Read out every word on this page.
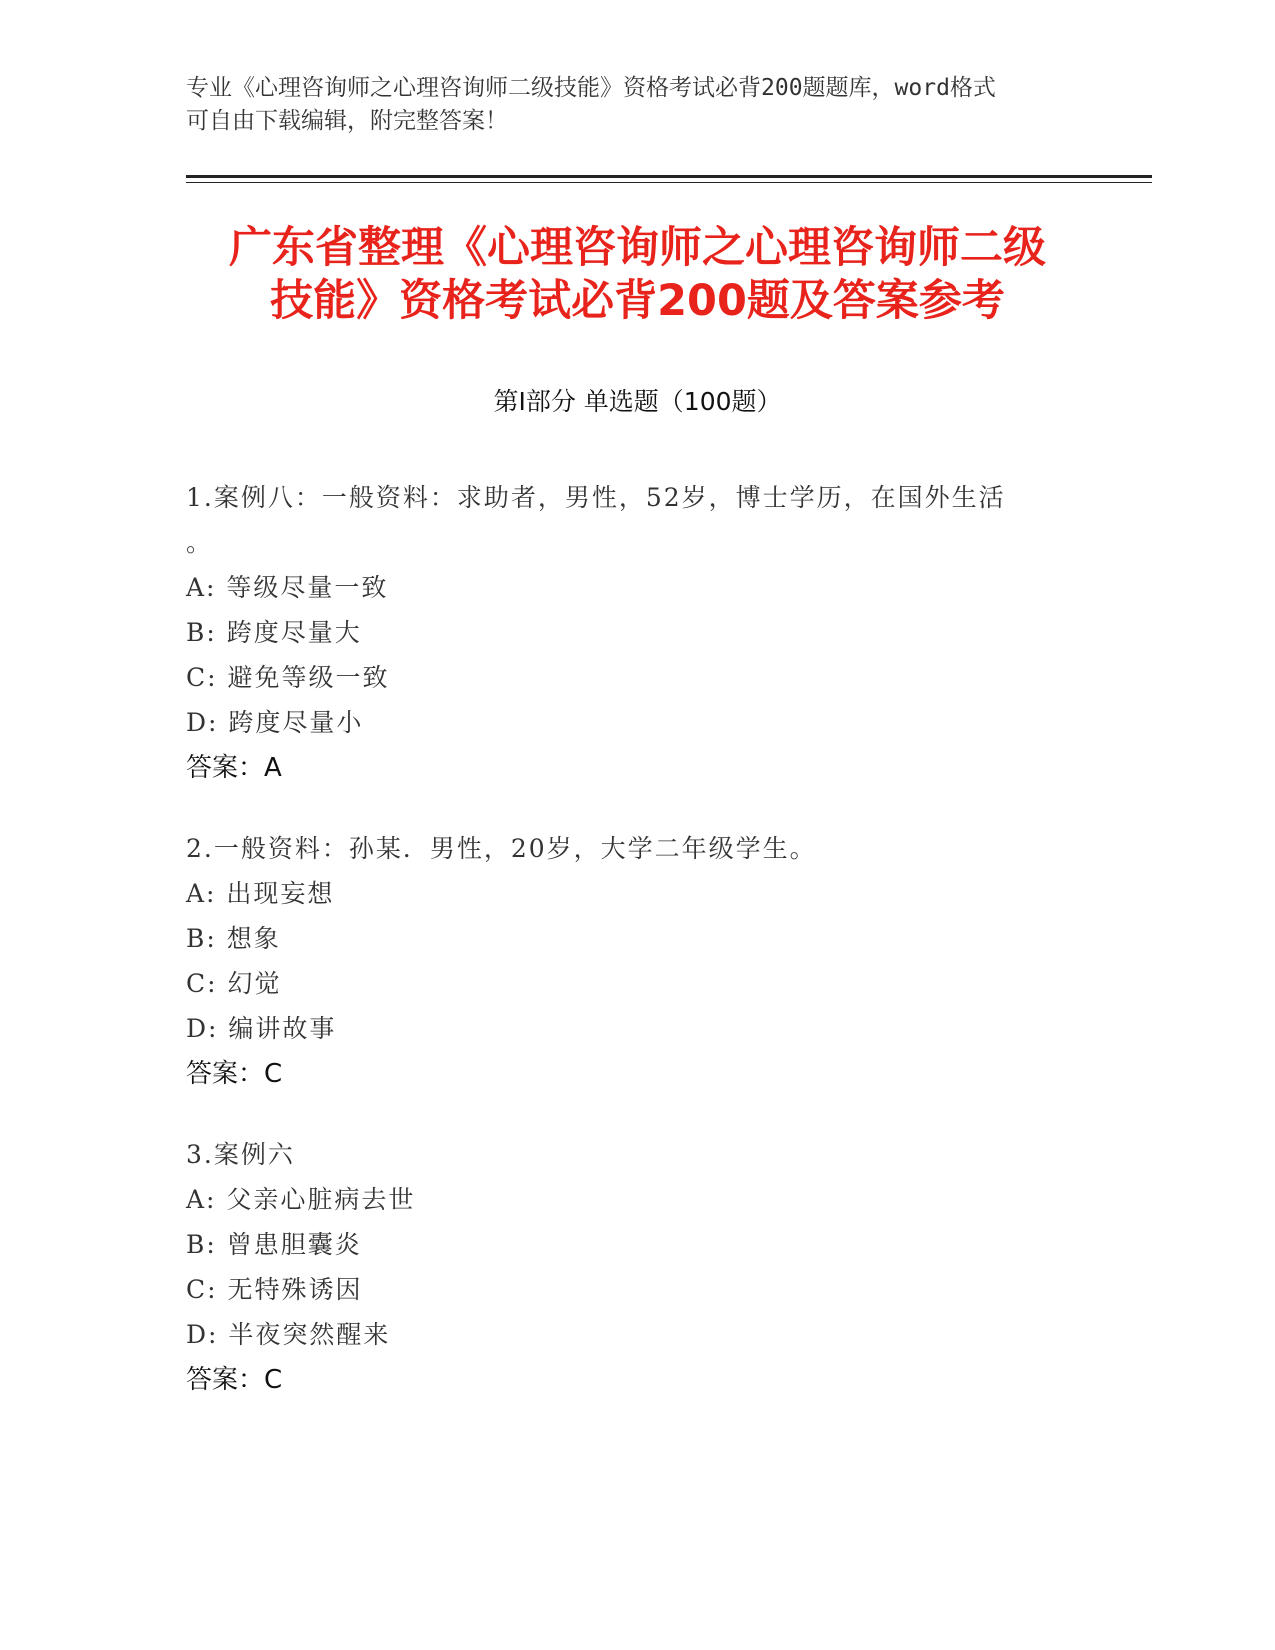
专业《心理咨询师之心理咨询师二级技能》资格考试必背200题题库，word格式

可自由下载编辑，附完整答案！

广东省整理《心理咨询师之心理咨询师二级
技能》资格考试必背200题及答案参考
第Ⅰ部分 单选题（100题）

1.案例八：一般资料：求助者，男性，52岁，博士学历，在国外生活

。

A: 等级尽量一致

B: 跨度尽量大

C: 避免等级一致

D: 跨度尽量小

答案：A

2.一般资料：孙某．男性，20岁，大学二年级学生。

A: 出现妄想

B: 想象

C: 幻觉

D: 编讲故事

答案：C

3.案例六

A: 父亲心脏病去世

B: 曾患胆囊炎

C: 无特殊诱因

D: 半夜突然醒来

答案：C
